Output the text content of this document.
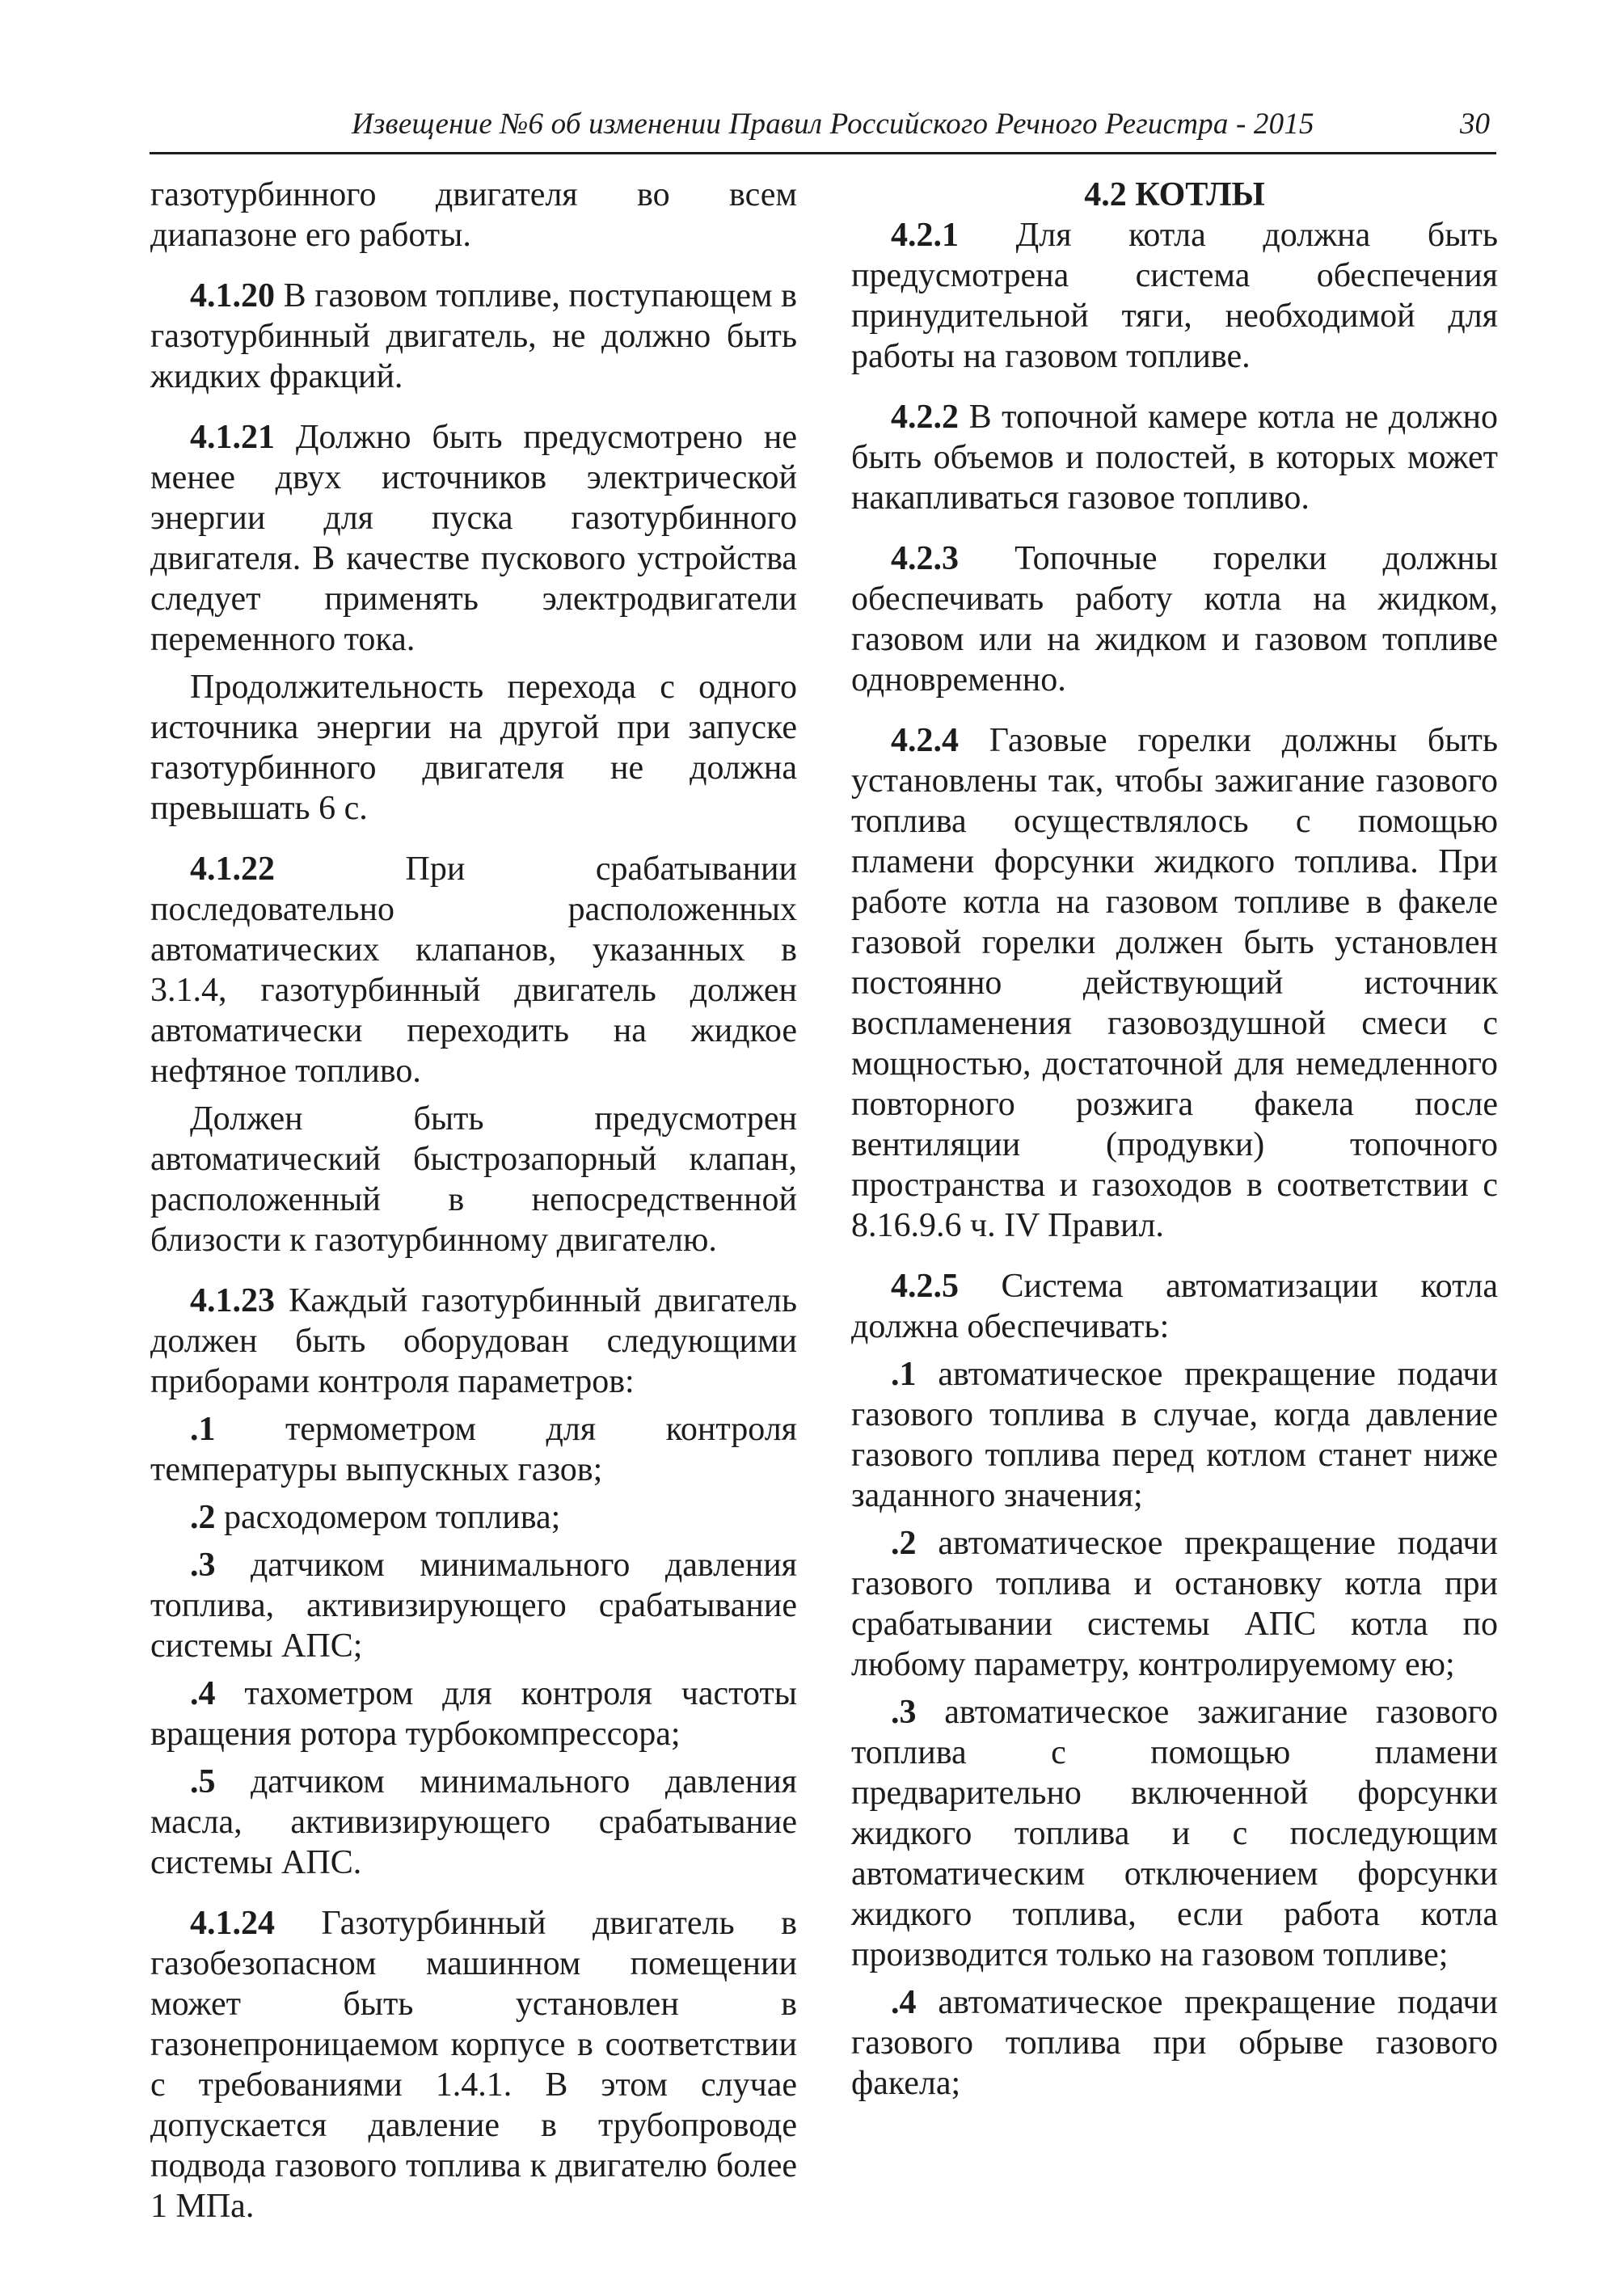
Извещение №6 об изменении Правил Российского Речного Регистра - 2015	30

газотурбинного двигателя во всем диапазоне его работы.

4.1.20 В газовом топливе, поступающем в газотурбинный двигатель, не должно быть жидких фракций.

4.1.21 Должно быть предусмотрено не менее двух источников электрической энергии для пуска газотурбинного двигателя. В качестве пускового устройства следует применять электродвигатели переменного тока.

Продолжительность перехода с одного источника энергии на другой при запуске газотурбинного двигателя не должна превышать 6 с.

4.1.22 При срабатывании последовательно расположенных автоматических клапанов, указанных в 3.1.4, газотурбинный двигатель должен автоматически переходить на жидкое нефтяное топливо.

Должен быть предусмотрен автоматический быстрозапорный клапан, расположенный в непосредственной близости к газотурбинному двигателю.

4.1.23 Каждый газотурбинный двигатель должен быть оборудован следующими приборами контроля параметров:

.1 термометром для контроля температуры выпускных газов;

.2 расходомером топлива;

.3 датчиком минимального давления топлива, активизирующего срабатывание системы АПС;

.4 тахометром для контроля частоты вращения ротора турбокомпрессора;

.5 датчиком минимального давления масла, активизирующего срабатывание системы АПС.

4.1.24 Газотурбинный двигатель в газобезопасном машинном помещении может быть установлен в газонепроницаемом корпусе в соответствии с требованиями 1.4.1. В этом случае допускается давление в трубопроводе подвода газового топлива к двигателю более 1 МПа.

4.2 КОТЛЫ

4.2.1 Для котла должна быть предусмотрена система обеспечения принудительной тяги, необходимой для работы на газовом топливе.

4.2.2 В топочной камере котла не должно быть объемов и полостей, в которых может накапливаться газовое топливо.

4.2.3 Топочные горелки должны обеспечивать работу котла на жидком, газовом или на жидком и газовом топливе одновременно.

4.2.4 Газовые горелки должны быть установлены так, чтобы зажигание газового топлива осуществлялось с помощью пламени форсунки жидкого топлива. При работе котла на газовом топливе в факеле газовой горелки должен быть установлен постоянно действующий источник воспламенения газовоздушной смеси с мощностью, достаточной для немедленного повторного розжига факела после вентиляции (продувки) топочного пространства и газоходов в соответствии с 8.16.9.6 ч. IV Правил.

4.2.5 Система автоматизации котла должна обеспечивать:

.1 автоматическое прекращение подачи газового топлива в случае, когда давление газового топлива перед котлом станет ниже заданного значения;

.2 автоматическое прекращение подачи газового топлива и остановку котла при срабатывании системы АПС котла по любому параметру, контролируемому ею;

.3 автоматическое зажигание газового топлива с помощью пламени предварительно включенной форсунки жидкого топлива и с последующим автоматическим отключением форсунки жидкого топлива, если работа котла производится только на газовом топливе;

.4 автоматическое прекращение подачи газового топлива при обрыве газового факела;
